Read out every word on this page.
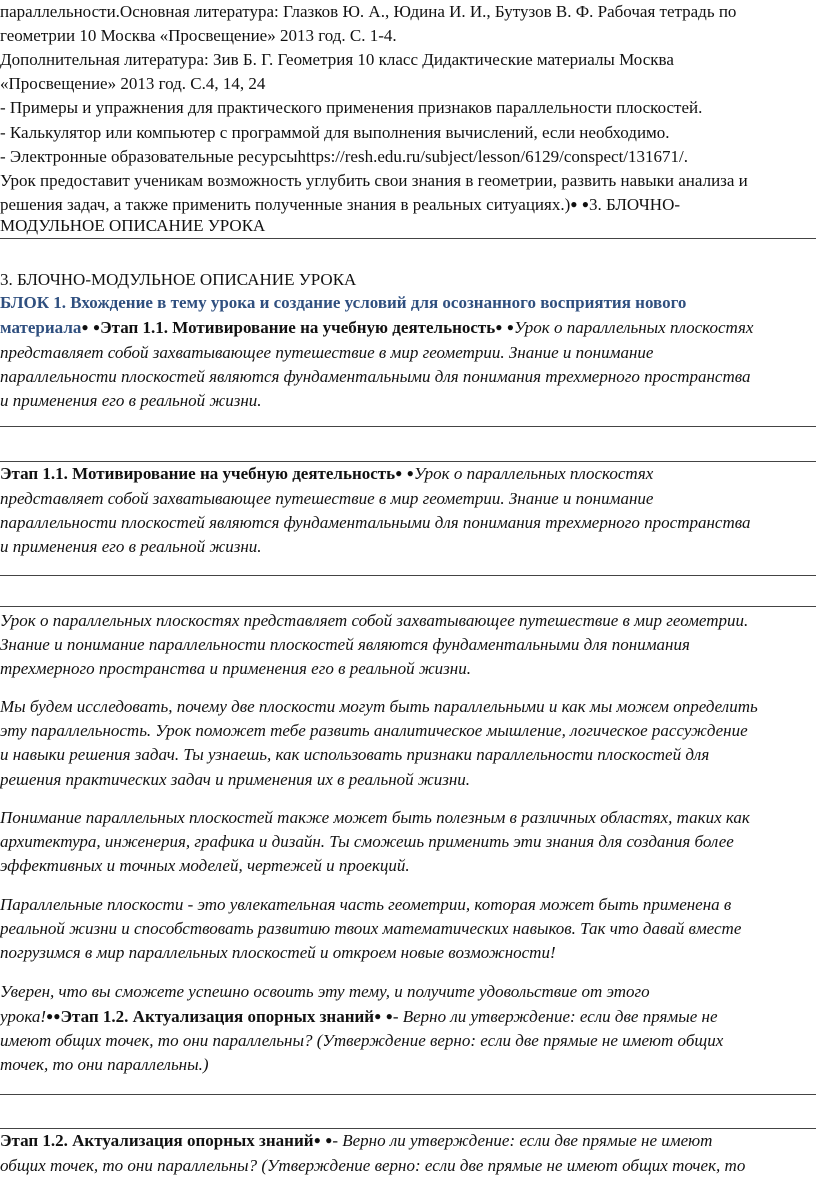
параллельности.Основная литература: Глазков Ю. А., Юдина И. И., Бутузов В. Ф. Рабочая тетрадь по
геометрии 10 Москва «Просвещение» 2013 год. С. 1-4.
Дополнительная литература: Зив Б. Г. Геометрия 10 класс Дидактические материалы Москва
«Просвещение» 2013 год. С.4, 14, 24
- Примеры и упражнения для практического применения признаков параллельности плоскостей.
- Калькулятор или компьютер с программой для выполнения вычислений, если необходимо.
- Электронные образовательные ресурсыhttps://resh.edu.ru/subject/lesson/6129/conspect/131671/.
Урок предоставит ученикам возможность углубить свои знания в геометрии, развить навыки анализа и
решения задач, а также применить полученные знания в реальных ситуациях.)● ●3. БЛОЧНО-
МОДУЛЬНОЕ ОПИСАНИЕ УРОКА
3. БЛОЧНО-МОДУЛЬНОЕ ОПИСАНИЕ УРОКА
БЛОК 1. Вхождение в тему урока и создание условий для осознанного восприятия нового
материала● ●Этап 1.1. Мотивирование на учебную деятельность● ●Урок о параллельных плоскостях
представляет собой захватывающее путешествие в мир геометрии. Знание и понимание
параллельности плоскостей являются фундаментальными для понимания трехмерного пространства
и применения его в реальной жизни.
Этап 1.1. Мотивирование на учебную деятельность● ●Урок о параллельных плоскостях
представляет собой захватывающее путешествие в мир геометрии. Знание и понимание
параллельности плоскостей являются фундаментальными для понимания трехмерного пространства
и применения его в реальной жизни.
Урок о параллельных плоскостях представляет собой захватывающее путешествие в мир геометрии.
Знание и понимание параллельности плоскостей являются фундаментальными для понимания
трехмерного пространства и применения его в реальной жизни.
Мы будем исследовать, почему две плоскости могут быть параллельными и как мы можем определить
эту параллельность. Урок поможет тебе развить аналитическое мышление, логическое рассуждение
и навыки решения задач. Ты узнаешь, как использовать признаки параллельности плоскостей для
решения практических задач и применения их в реальной жизни.
Понимание параллельных плоскостей также может быть полезным в различных областях, таких как
архитектура, инженерия, графика и дизайн. Ты сможешь применить эти знания для создания более
эффективных и точных моделей, чертежей и проекций.
Параллельные плоскости - это увлекательная часть геометрии, которая может быть применена в
реальной жизни и способствовать развитию твоих математических навыков. Так что давай вместе
погрузимся в мир параллельных плоскостей и откроем новые возможности!
Уверен, что вы сможете успешно освоить эту тему, и получите удовольствие от этого
урока!●●Этап 1.2. Актуализация опорных знаний● ●- Верно ли утверждение: если две прямые не
имеют общих точек, то они параллельны? (Утверждение верно: если две прямые не имеют общих
точек, то они параллельны.)
Этап 1.2. Актуализация опорных знаний● ●- Верно ли утверждение: если две прямые не имеют
общих точек, то они параллельны? (Утверждение верно: если две прямые не имеют общих точек, то
